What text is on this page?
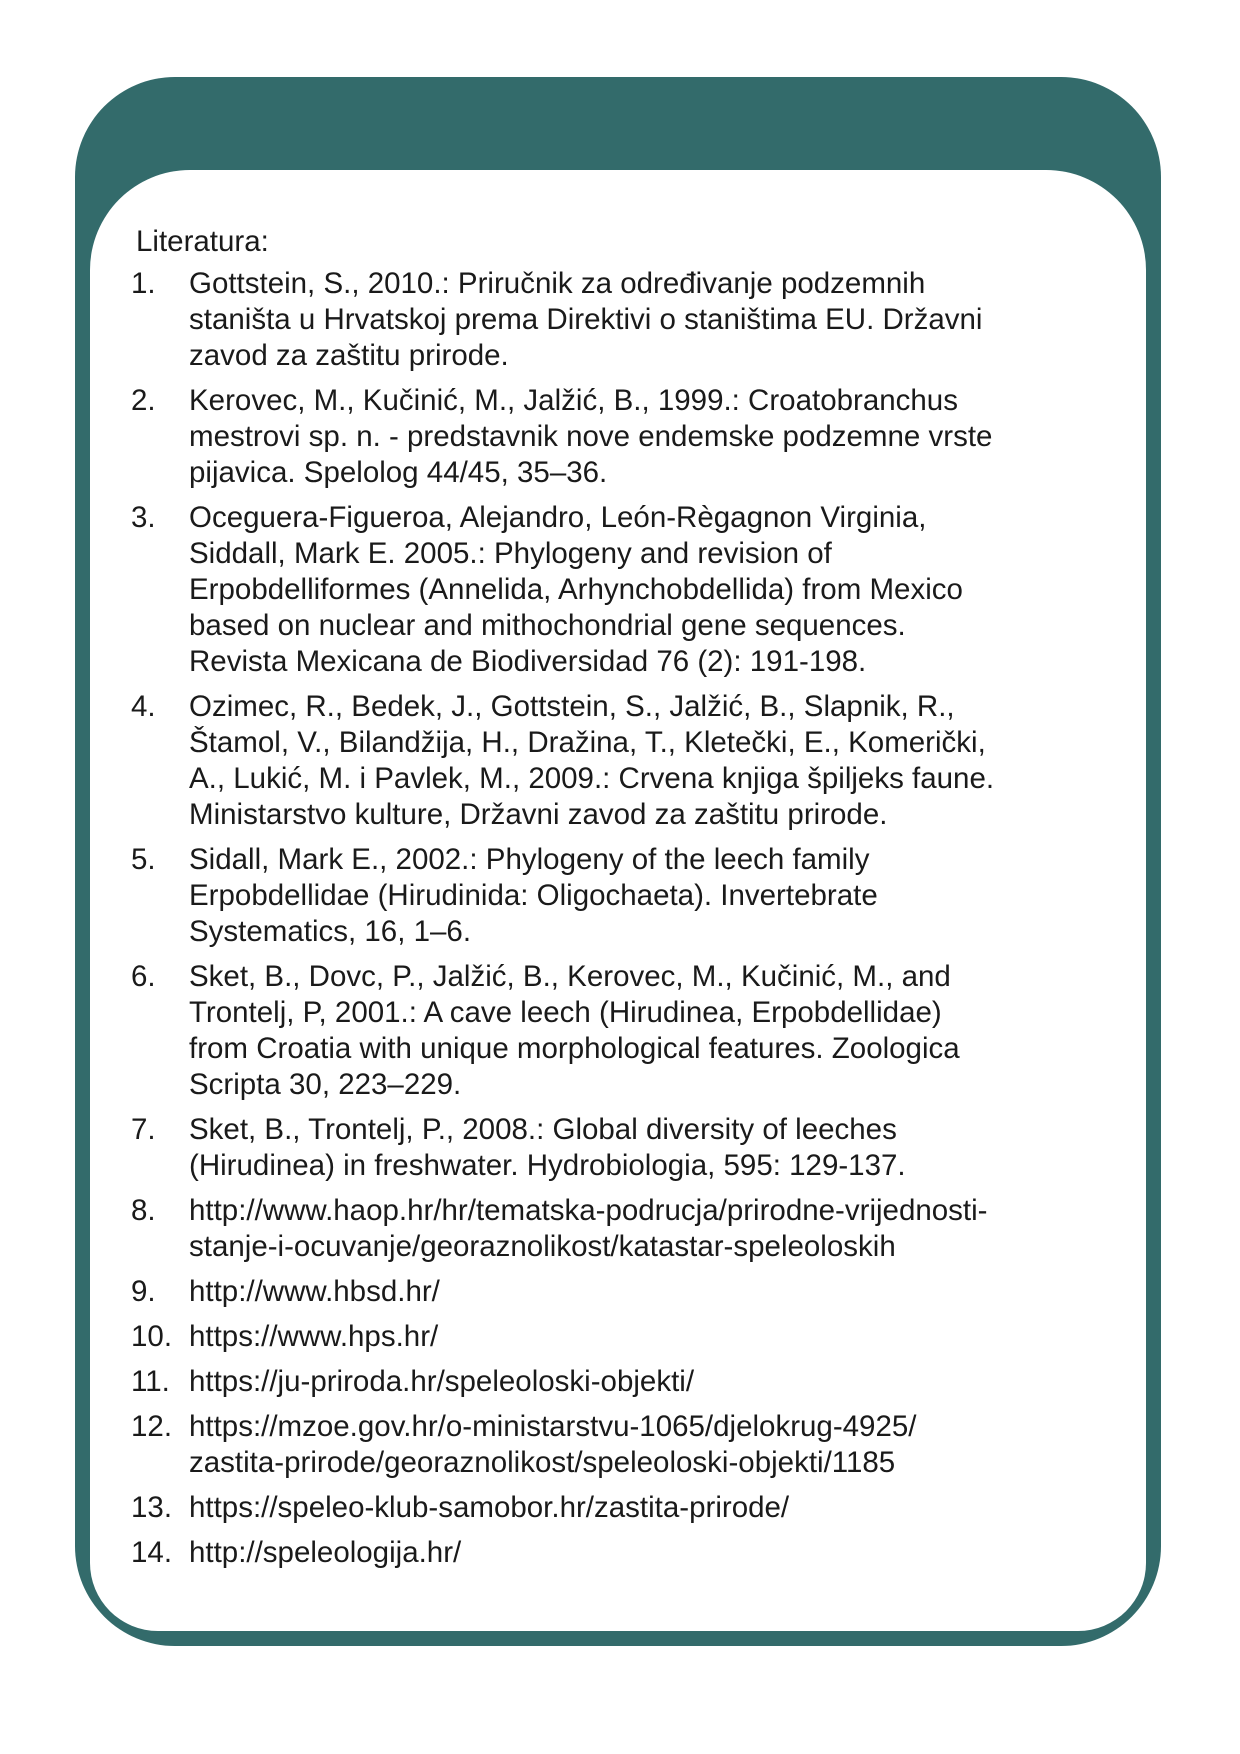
Literatura:
1.	Gottstein, S., 2010.: Priručnik za određivanje podzemnih
staništa u Hrvatskoj prema Direktivi o staništima EU. Državni
zavod za zaštitu prirode.
2.	Kerovec, M., Kučinić, M., Jalžić, B., 1999.: Croatobranchus
mestrovi sp. n. - predstavnik nove endemske podzemne vrste
pijavica. Spelolog 44/45, 35–36.
3.	Oceguera-Figueroa, Alejandro, León-Règagnon Virginia,
Siddall, Mark E. 2005.: Phylogeny and revision of
Erpobdelliformes (Annelida, Arhynchobdellida) from Mexico
based on nuclear and mithochondrial gene sequences.
Revista Mexicana de Biodiversidad 76 (2): 191-198.
4.	Ozimec, R., Bedek, J., Gottstein, S., Jalžić, B., Slapnik, R.,
Štamol, V., Bilandžija, H., Dražina, T., Kletečki, E., Komerički,
A., Lukić, M. i Pavlek, M., 2009.: Crvena knjiga špiljeks faune.
Ministarstvo kulture, Državni zavod za zaštitu prirode.
5.	Sidall, Mark E., 2002.: Phylogeny of the leech family
Erpobdellidae (Hirudinida: Oligochaeta). Invertebrate
Systematics, 16, 1–6.
6.	Sket, B., Dovc, P., Jalžić, B., Kerovec, M., Kučinić, M., and
Trontelj, P, 2001.: A cave leech (Hirudinea, Erpobdellidae)
from Croatia with unique morphological features. Zoologica
Scripta 30, 223–229.
7.	Sket, B., Trontelj, P., 2008.: Global diversity of leeches
(Hirudinea) in freshwater. Hydrobiologia, 595: 129-137.
8.	http://www.haop.hr/hr/tematska-podrucja/prirodne-vrijednosti-
stanje-i-ocuvanje/georaznolikost/katastar-speleoloskih
9.	http://www.hbsd.hr/
10. https://www.hps.hr/
11. https://ju-priroda.hr/speleoloski-objekti/
12. https://mzoe.gov.hr/o-ministarstvu-1065/djelokrug-4925/
zastita-prirode/georaznolikost/speleoloski-objekti/1185
13. https://speleo-klub-samobor.hr/zastita-prirode/
14. http://speleologija.hr/
